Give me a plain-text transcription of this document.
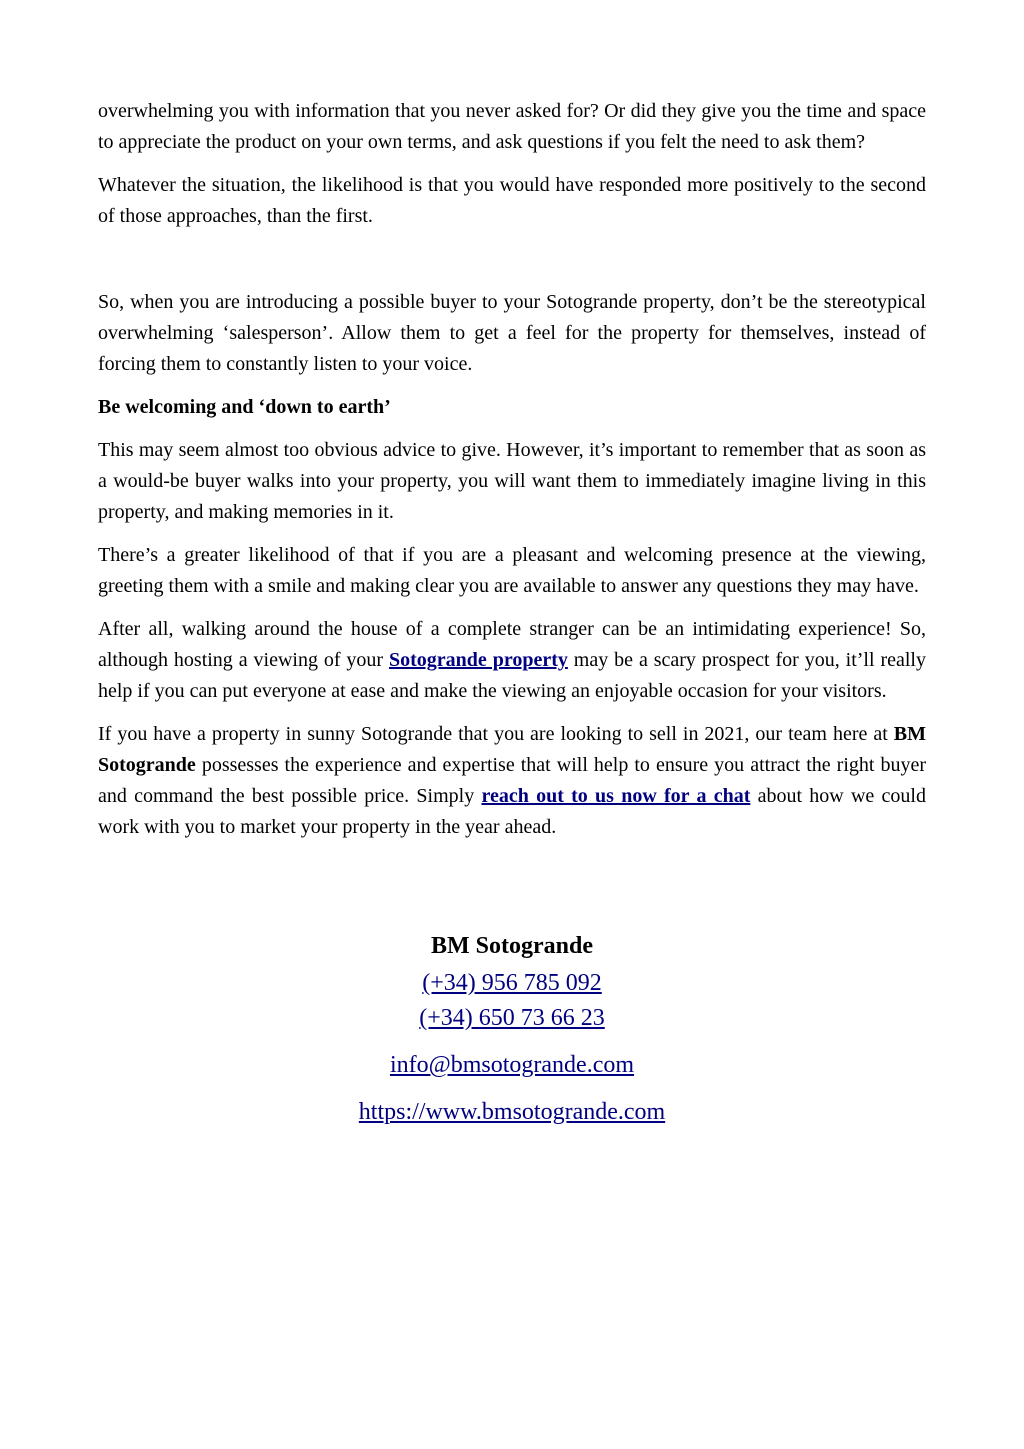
overwhelming you with information that you never asked for? Or did they give you the time and space to appreciate the product on your own terms, and ask questions if you felt the need to ask them?

Whatever the situation, the likelihood is that you would have responded more positively to the second of those approaches, than the first.

So, when you are introducing a possible buyer to your Sotogrande property, don’t be the stereotypical overwhelming ‘salesperson’. Allow them to get a feel for the property for themselves, instead of forcing them to constantly listen to your voice.

Be welcoming and ‘down to earth’

This may seem almost too obvious advice to give. However, it’s important to remember that as soon as a would-be buyer walks into your property, you will want them to immediately imagine living in this property, and making memories in it.

There’s a greater likelihood of that if you are a pleasant and welcoming presence at the viewing, greeting them with a smile and making clear you are available to answer any questions they may have.

After all, walking around the house of a complete stranger can be an intimidating experience! So, although hosting a viewing of your Sotogrande property may be a scary prospect for you, it’ll really help if you can put everyone at ease and make the viewing an enjoyable occasion for your visitors.

If you have a property in sunny Sotogrande that you are looking to sell in 2021, our team here at BM Sotogrande possesses the experience and expertise that will help to ensure you attract the right buyer and command the best possible price. Simply reach out to us now for a chat about how we could work with you to market your property in the year ahead.

BM Sotogrande
(+34) 956 785 092
(+34) 650 73 66 23
info@bmsotogrande.com
https://www.bmsotogrande.com
